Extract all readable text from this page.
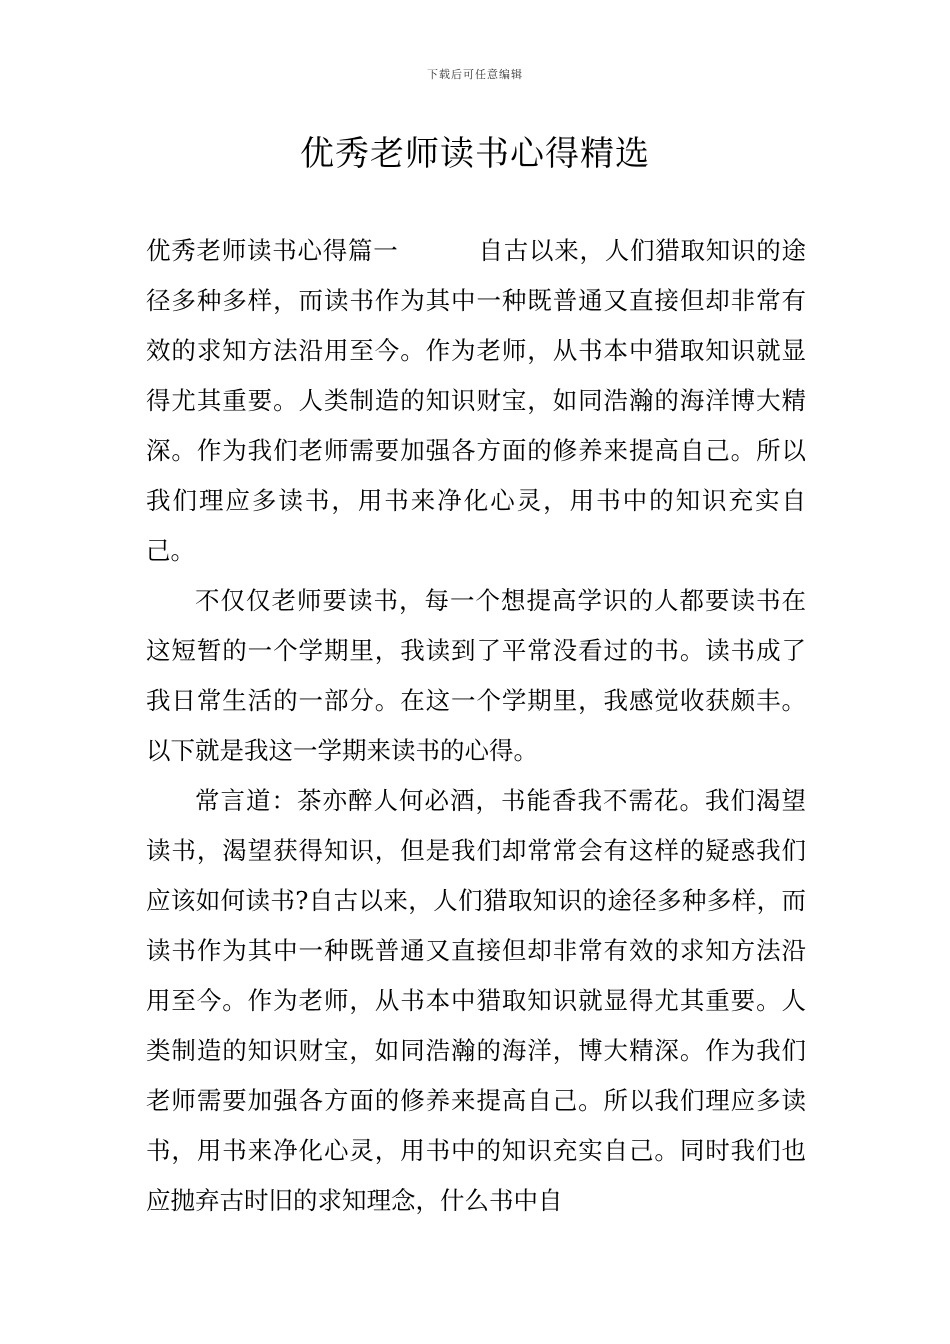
下载后可任意编辑
优秀老师读书心得精选

优秀老师读书心得篇一	自古以来，人们猎取知识的途径多种多样，而读书作为其中一种既普通又直接但却非常有效的求知方法沿用至今。作为老师，从书本中猎取知识就显得尤其重要。人类制造的知识财宝，如同浩瀚的海洋博大精深。作为我们老师需要加强各方面的修养来提高自己。所以我们理应多读书，用书来净化心灵，用书中的知识充实自己。

不仅仅老师要读书，每一个想提高学识的人都要读书在这短暂的一个学期里，我读到了平常没看过的书。读书成了我日常生活的一部分。在这一个学期里，我感觉收获颇丰。以下就是我这一学期来读书的心得。

常言道：茶亦醉人何必酒，书能香我不需花。我们渴望读书，渴望获得知识，但是我们却常常会有这样的疑惑我们应该如何读书?自古以来，人们猎取知识的途径多种多样，而读书作为其中一种既普通又直接但却非常有效的求知方法沿用至今。作为老师，从书本中猎取知识就显得尤其重要。人类制造的知识财宝，如同浩瀚的海洋，博大精深。作为我们老师需要加强各方面的修养来提高自己。所以我们理应多读书，用书来净化心灵，用书中的知识充实自己。同时我们也应抛弃古时旧的求知理念，什么书中自
